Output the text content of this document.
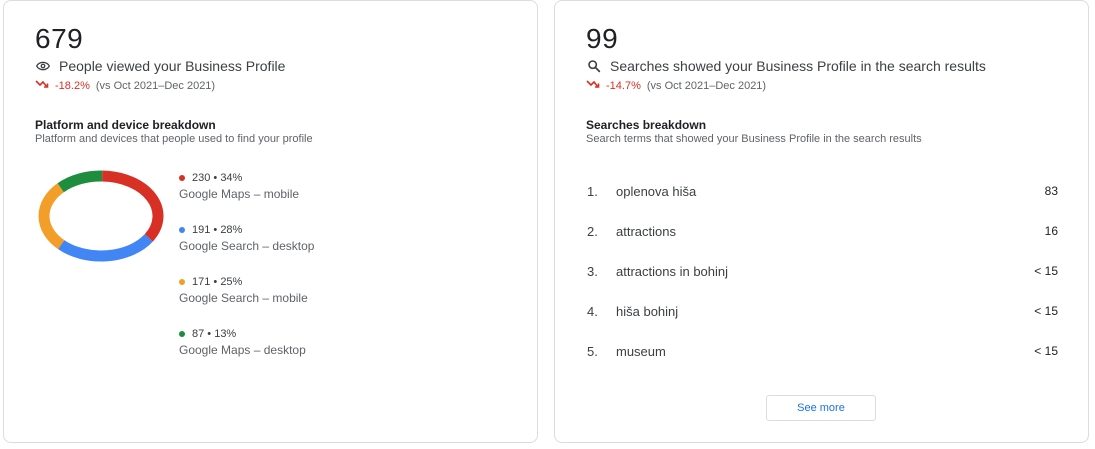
679
People viewed your Business Profile
-18.2% (vs Oct 2021–Dec 2021)
Platform and device breakdown
Platform and devices that people used to find your profile
230 • 34%
Google Maps – mobile
191 • 28%
Google Search – desktop
171 • 25%
Google Search – mobile
87 • 13%
Google Maps – desktop
99
Searches showed your Business Profile in the search results
-14.7% (vs Oct 2021–Dec 2021)
Searches breakdown
Search terms that showed your Business Profile in the search results
1.	oplenova hiša	83
2.	attractions	16
3.	attractions in bohinj	< 15
4.	hiša bohinj	< 15
5.	museum	< 15
See more
